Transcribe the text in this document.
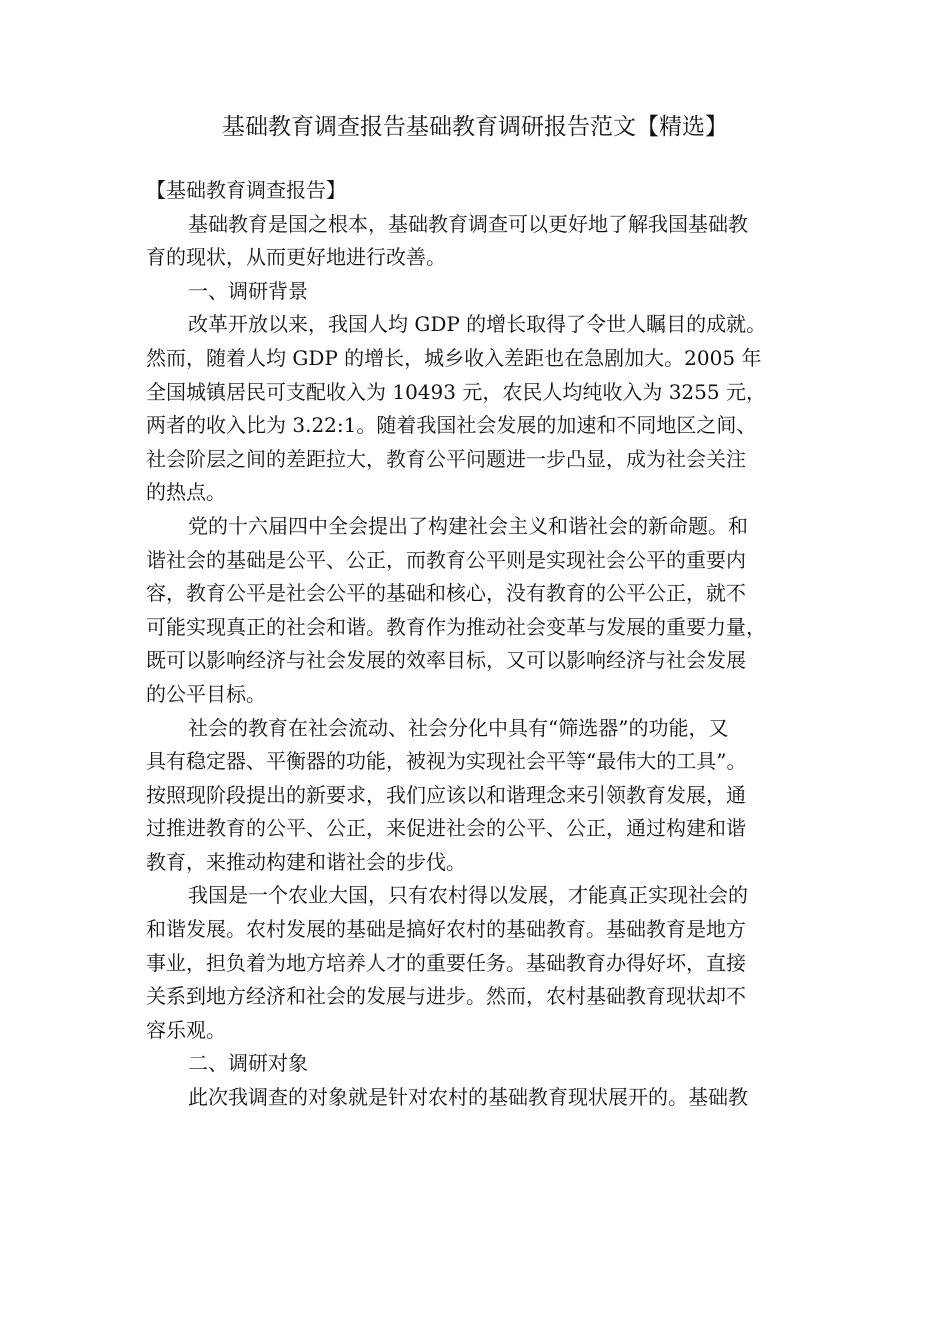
基础教育调查报告基础教育调研报告范文【精选】
【基础教育调查报告】
基础教育是国之根本，基础教育调查可以更好地了解我国基础教
育的现状，从而更好地进行改善。
一、调研背景
改革开放以来，我国人均 GDP 的增长取得了令世人瞩目的成就。
然而，随着人均 GDP 的增长，城乡收入差距也在急剧加大。2005 年
全国城镇居民可支配收入为 10493 元，农民人均纯收入为 3255 元，
两者的收入比为 3.22:1。随着我国社会发展的加速和不同地区之间、
社会阶层之间的差距拉大，教育公平问题进一步凸显，成为社会关注
的热点。
党的十六届四中全会提出了构建社会主义和谐社会的新命题。和
谐社会的基础是公平、公正，而教育公平则是实现社会公平的重要内
容，教育公平是社会公平的基础和核心，没有教育的公平公正，就不
可能实现真正的社会和谐。教育作为推动社会变革与发展的重要力量，
既可以影响经济与社会发展的效率目标，又可以影响经济与社会发展
的公平目标。
社会的教育在社会流动、社会分化中具有“筛选器”的功能，又
具有稳定器、平衡器的功能，被视为实现社会平等“最伟大的工具”。
按照现阶段提出的新要求，我们应该以和谐理念来引领教育发展，通
过推进教育的公平、公正，来促进社会的公平、公正，通过构建和谐
教育，来推动构建和谐社会的步伐。
我国是一个农业大国，只有农村得以发展，才能真正实现社会的
和谐发展。农村发展的基础是搞好农村的基础教育。基础教育是地方
事业，担负着为地方培养人才的重要任务。基础教育办得好坏，直接
关系到地方经济和社会的发展与进步。然而，农村基础教育现状却不
容乐观。
二、调研对象
此次我调查的对象就是针对农村的基础教育现状展开的。基础教
